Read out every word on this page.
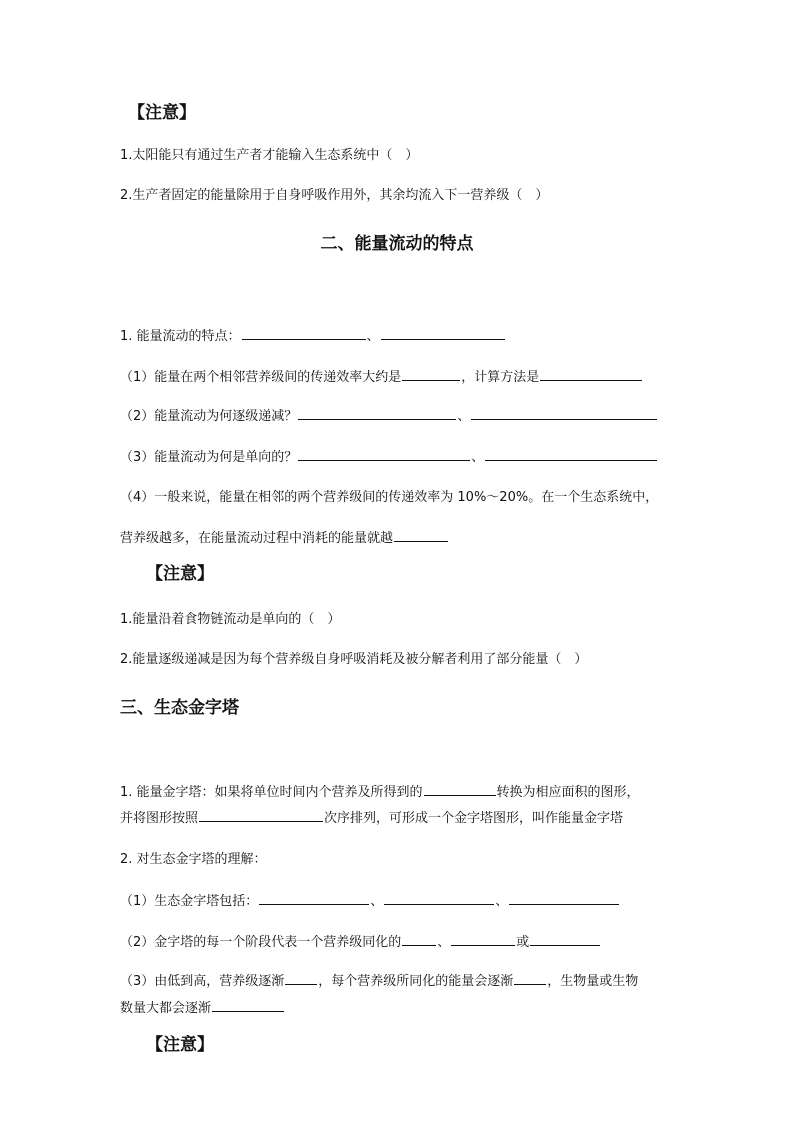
【注意】
1.太阳能只有通过生产者才能输入生态系统中（　）
2.生产者固定的能量除用于自身呼吸作用外，其余均流入下一营养级（　）
二、能量流动的特点
1. 能量流动的特点：	、
（1）能量在两个相邻营养级间的传递效率大约是	，计算方法是
（2）能量流动为何逐级递减？	、
（3）能量流动为何是单向的？	、
（4）一般来说，能量在相邻的两个营养级间的传递效率为 10%～20%。在一个生态系统中，
营养级越多，在能量流动过程中消耗的能量就越
【注意】
1.能量沿着食物链流动是单向的（　）
2.能量逐级递减是因为每个营养级自身呼吸消耗及被分解者利用了部分能量（　）
三、生态金字塔
1. 能量金字塔：如果将单位时间内个营养及所得到的	转换为相应面积的图形，
并将图形按照	次序排列，可形成一个金字塔图形，叫作能量金字塔
2. 对生态金字塔的理解：
（1）生态金字塔包括：	、	、
（2）金字塔的每一个阶段代表一个营养级同化的	、	或
（3）由低到高，营养级逐渐	，每个营养级所同化的能量会逐渐	，生物量或生物
数量大都会逐渐
【注意】
